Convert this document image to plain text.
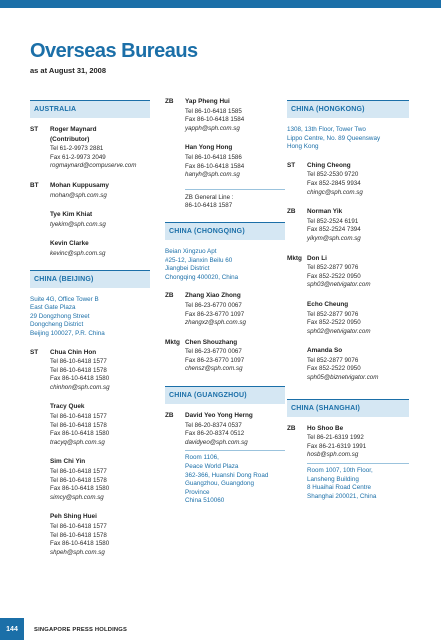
Overseas Bureaus
as at August 31, 2008
AUSTRALIA
ST	Roger Maynard
(Contributor)
Tel 61-2-9973 2881
Fax 61-2-9973 2049
rogmaynard@compuserve.com
BT	Mohan Kuppusamy
mohan@sph.com.sg
Tye Kim Khiat
tyekim@sph.com.sg
Kevin Clarke
kevinc@sph.com.sg
CHINA (BEIJING)
Suite 4G, Office Tower B
East Gate Plaza
29 Dongzhong Street
Dongcheng District
Beijing 100027, P.R. China
ST	Chua Chin Hon
Tel 86-10-6418 1577
Tel 86-10-6418 1578
Fax 86-10-6418 1580
chinhon@sph.com.sg
Tracy Quek
Tel 86-10-6418 1577
Tel 86-10-6418 1578
Fax 86-10-6418 1580
tracyq@sph.com.sg
Sim Chi Yin
Tel 86-10-6418 1577
Tel 86-10-6418 1578
Fax 86-10-6418 1580
simcy@sph.com.sg
Peh Shing Huei
Tel 86-10-6418 1577
Tel 86-10-6418 1578
Fax 86-10-6418 1580
shpeh@sph.com.sg
ZB	Yap Pheng Hui
Tel 86-10-6418 1585
Fax 86-10-6418 1584
yapph@sph.com.sg
Han Yong Hong
Tel 86-10-6418 1586
Fax 86-10-6418 1584
hanyh@sph.com.sg
ZB General Line :
86-10-6418 1587
CHINA (CHONGQING)
Beian Xingzuo Apt
#25-12, Jianxin Beilu 60
Jiangbei District
Chongqing 400020, China
ZB	Zhang Xiao Zhong
Tel 86-23-6770 0067
Fax 86-23-6770 1097
zhangxz@sph.com.sg
Mktg Chen Shouzhang
Tel 86-23-6770 0067
Fax 86-23-6770 1097
chensz@sph.com.sg
CHINA (GUANGZHOU)
ZB	David Yeo Yong Herng
Tel 86-20-8374 0537
Fax 86-20-8374 0512
davidyeo@sph.com.sg
Room 1106,
Peace World Plaza
362-366, Huanshi Dong Road
Guangzhou, Guangdong
Province
China 510060
CHINA (HONGKONG)
1308, 13th Floor, Tower Two
Lippo Centre, No. 89 Queensway
Hong Kong
ST	Ching Cheong
Tel 852-2530 9720
Fax 852-2845 9934
chingc@sph.com.sg
ZB	Norman Yik
Tel 852-2524 6191
Fax 852-2524 7394
yikym@sph.com.sg
Mktg Don Li
Tel 852-2877 9076
Fax 852-2522 0950
sph03@netvigator.com
Echo Cheung
Tel 852-2877 9076
Fax 852-2522 0950
sph02@netvigator.com
Amanda So
Tel 852-2877 9076
Fax 852-2522 0950
sph05@biznetvigator.com
CHINA (SHANGHAI)
ZB	Ho Shoo Be
Tel 86-21-6319 1992
Fax 86-21-6319 1991
hosb@sph.com.sg
Room 1007, 10th Floor,
Lansheng Building
8 Huaihai Road Centre
Shanghai 200021, China
144	SINGAPORE PRESS HOLDINGS
